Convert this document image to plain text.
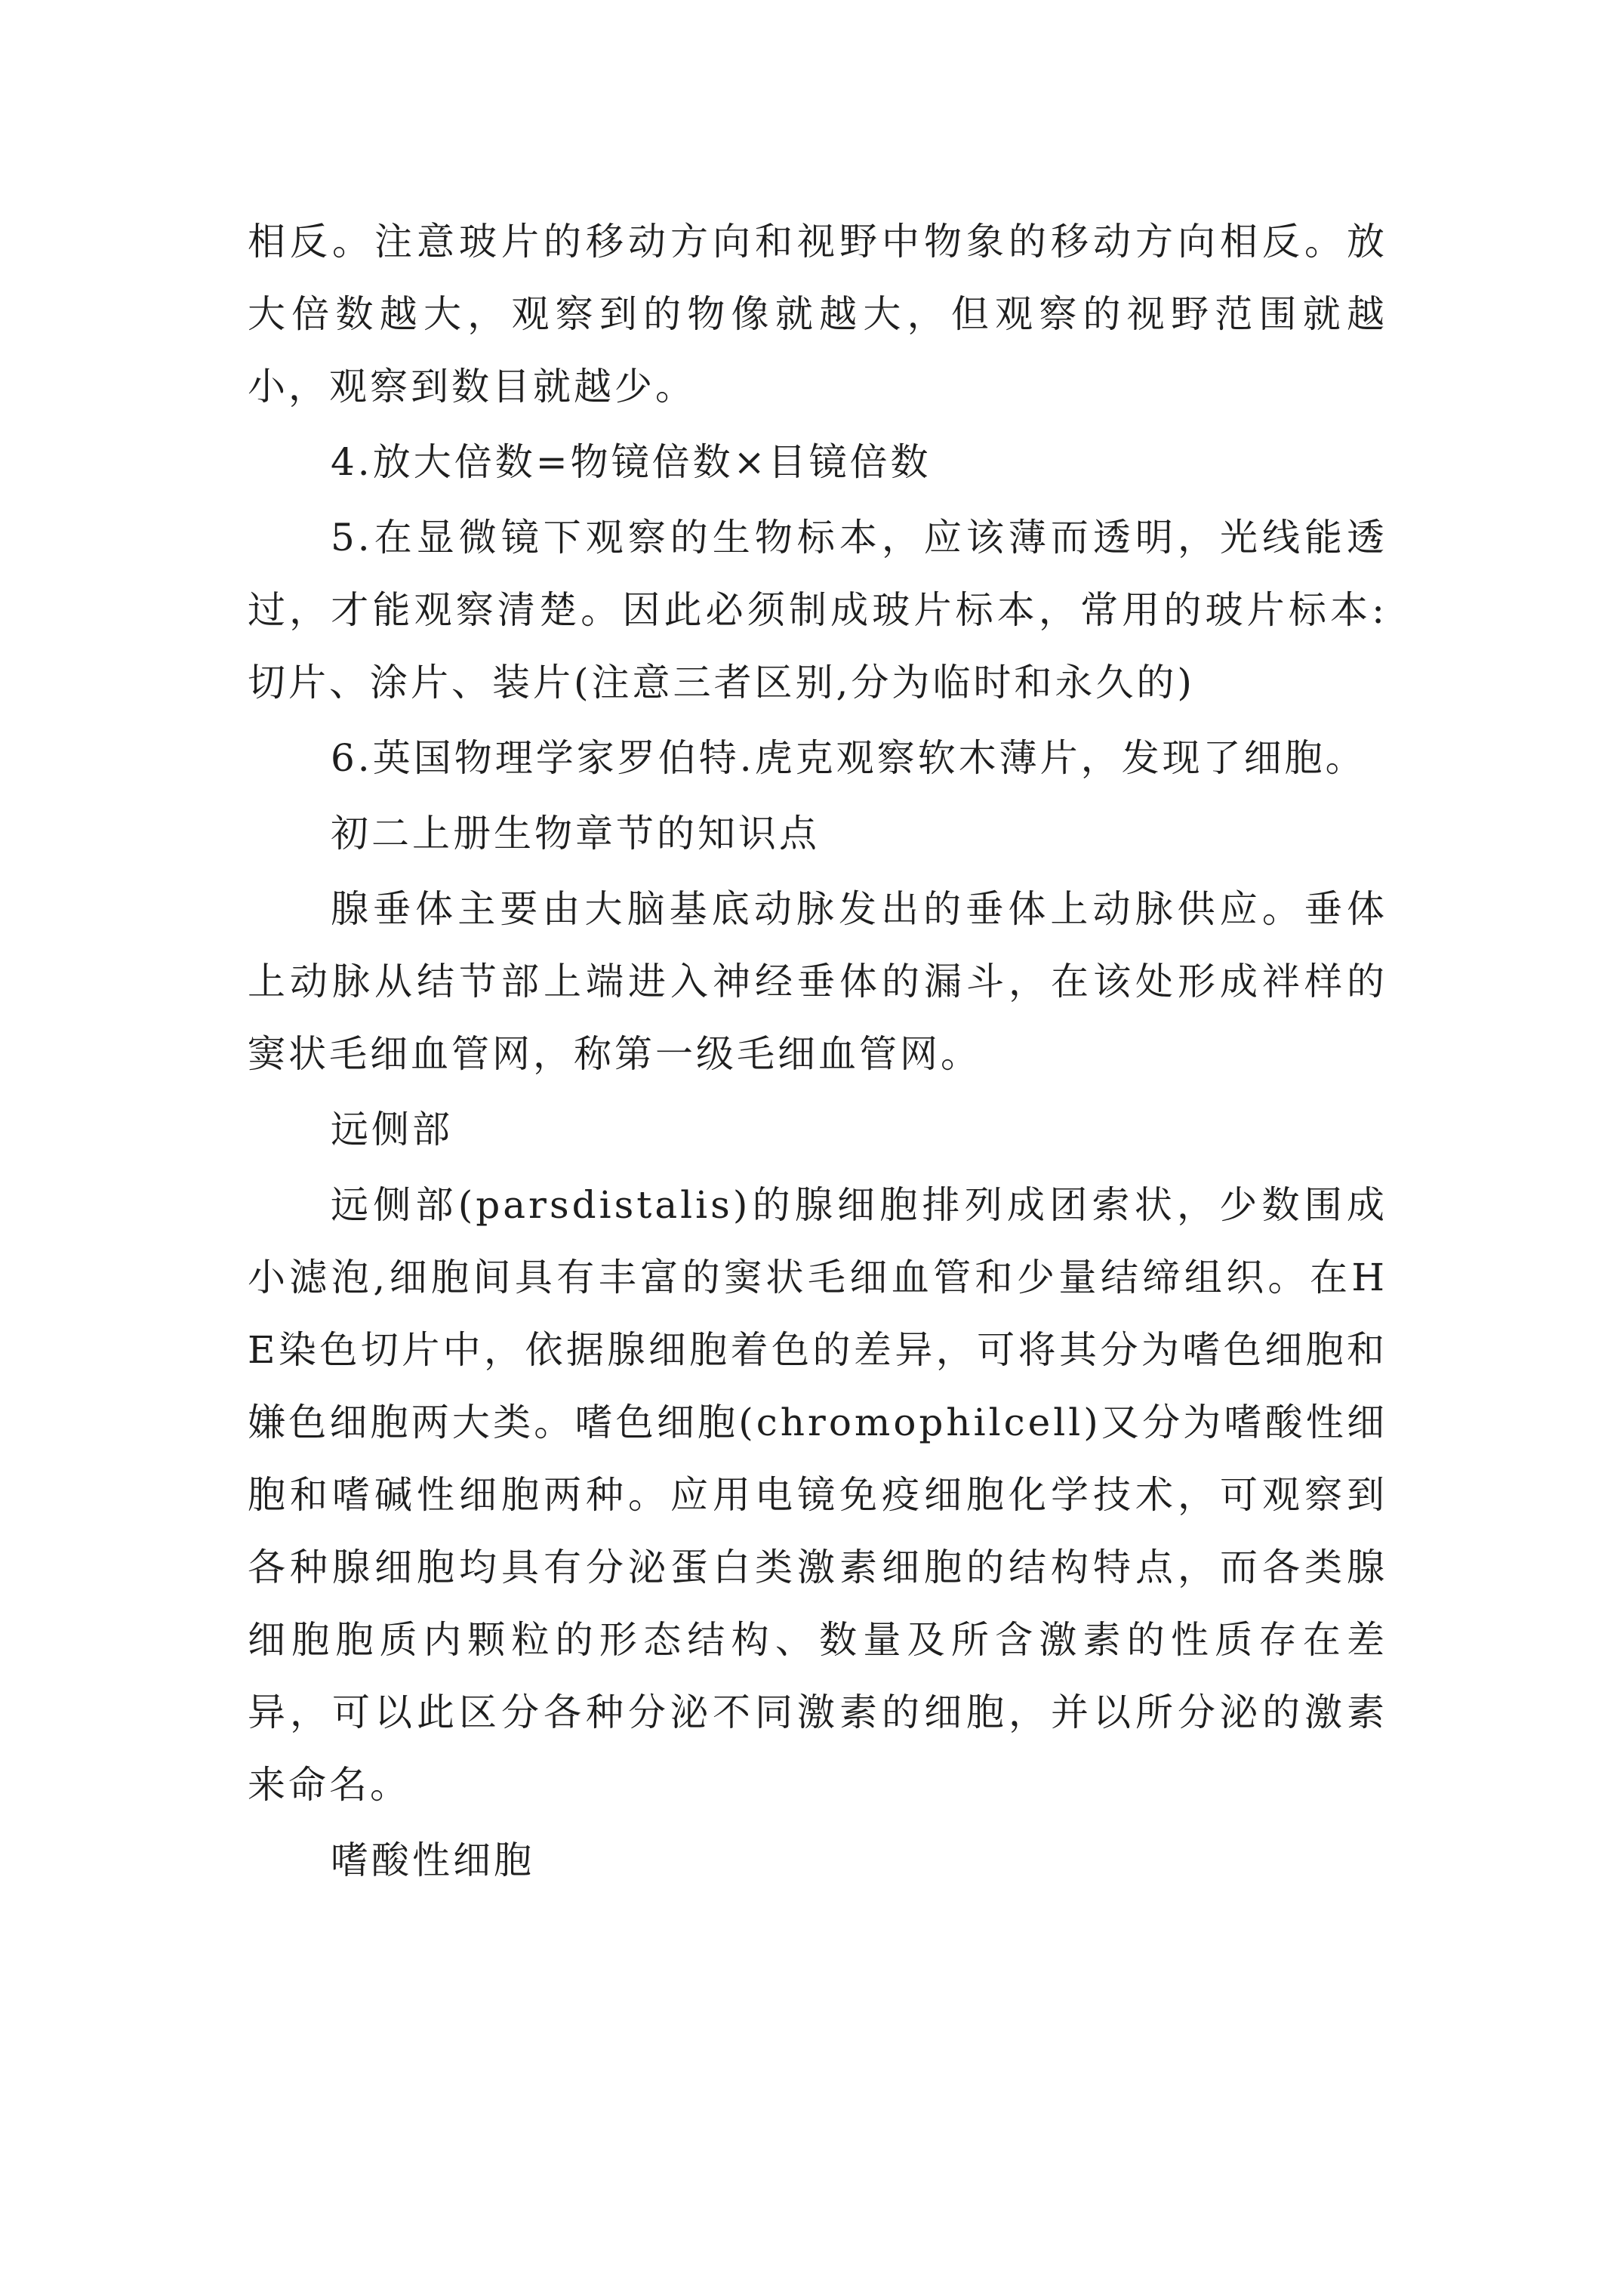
相反。注意玻片的移动方向和视野中物象的移动方向相反。放大倍数越大，观察到的物像就越大，但观察的视野范围就越小，观察到数目就越少。

4.放大倍数=物镜倍数×目镜倍数

5.在显微镜下观察的生物标本，应该薄而透明，光线能透过，才能观察清楚。因此必须制成玻片标本，常用的玻片标本:切片、涂片、装片(注意三者区别,分为临时和永久的)

6.英国物理学家罗伯特.虎克观察软木薄片，发现了细胞。

初二上册生物章节的知识点

腺垂体主要由大脑基底动脉发出的垂体上动脉供应。垂体上动脉从结节部上端进入神经垂体的漏斗，在该处形成袢样的窦状毛细血管网，称第一级毛细血管网。

远侧部

远侧部(parsdistalis)的腺细胞排列成团索状，少数围成小滤泡,细胞间具有丰富的窦状毛细血管和少量结缔组织。在HE染色切片中，依据腺细胞着色的差异，可将其分为嗜色细胞和嫌色细胞两大类。嗜色细胞(chromophilcell)又分为嗜酸性细胞和嗜碱性细胞两种。应用电镜免疫细胞化学技术，可观察到各种腺细胞均具有分泌蛋白类激素细胞的结构特点，而各类腺细胞胞质内颗粒的形态结构、数量及所含激素的性质存在差异，可以此区分各种分泌不同激素的细胞，并以所分泌的激素来命名。

嗜酸性细胞
